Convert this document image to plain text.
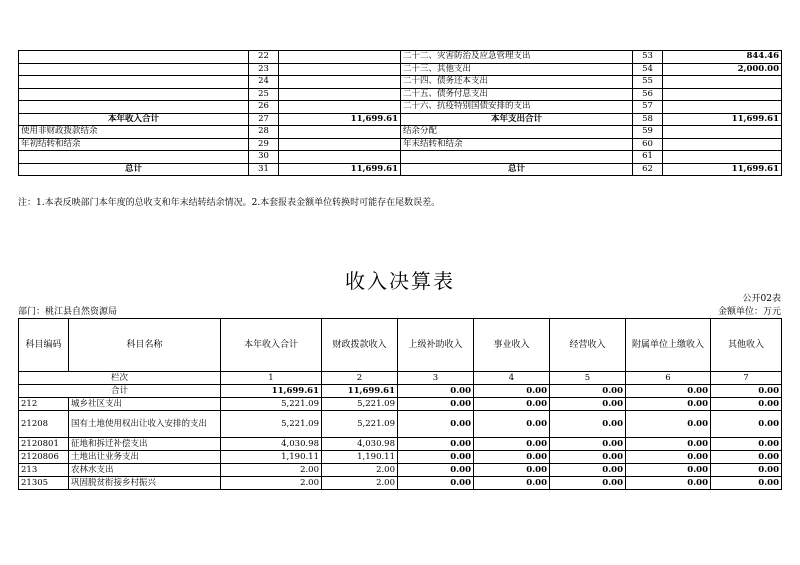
	22		二十二、灾害防治及应急管理支出	53	844.46
	23		二十三、其他支出	54	2,000.00
	24		二十四、债务还本支出	55	
	25		二十五、债务付息支出	56	
	26		二十六、抗疫特别国债安排的支出	57	
本年收入合计	27	11,699.61	本年支出合计	58	11,699.61
使用非财政拨款结余	28		结余分配	59	
年初结转和结余	29		年末结转和结余	60	
	30			61	
总计	31	11,699.61	总计	62	11,699.61
注：1.本表反映部门本年度的总收支和年末结转结余情况。2.本套报表金额单位转换时可能存在尾数误差。
收入决算表
公开02表
部门：桃江县自然资源局	金额单位：万元
科目编码	科目名称	本年收入合计	财政拨款收入	上级补助收入	事业收入	经营收入	附属单位上缴收入	其他收入
栏次		1	2	3	4	5	6	7
合计		11,699.61	11,699.61	0.00	0.00	0.00	0.00	0.00
212	城乡社区支出	5,221.09	5,221.09	0.00	0.00	0.00	0.00	0.00
21208	国有土地使用权出让收入安排的支出	5,221.09	5,221.09	0.00	0.00	0.00	0.00	0.00
2120801	征地和拆迁补偿支出	4,030.98	4,030.98	0.00	0.00	0.00	0.00	0.00
2120806	土地出让业务支出	1,190.11	1,190.11	0.00	0.00	0.00	0.00	0.00
213	农林水支出	2.00	2.00	0.00	0.00	0.00	0.00	0.00
21305	巩固脱贫衔接乡村振兴	2.00	2.00	0.00	0.00	0.00	0.00	0.00
